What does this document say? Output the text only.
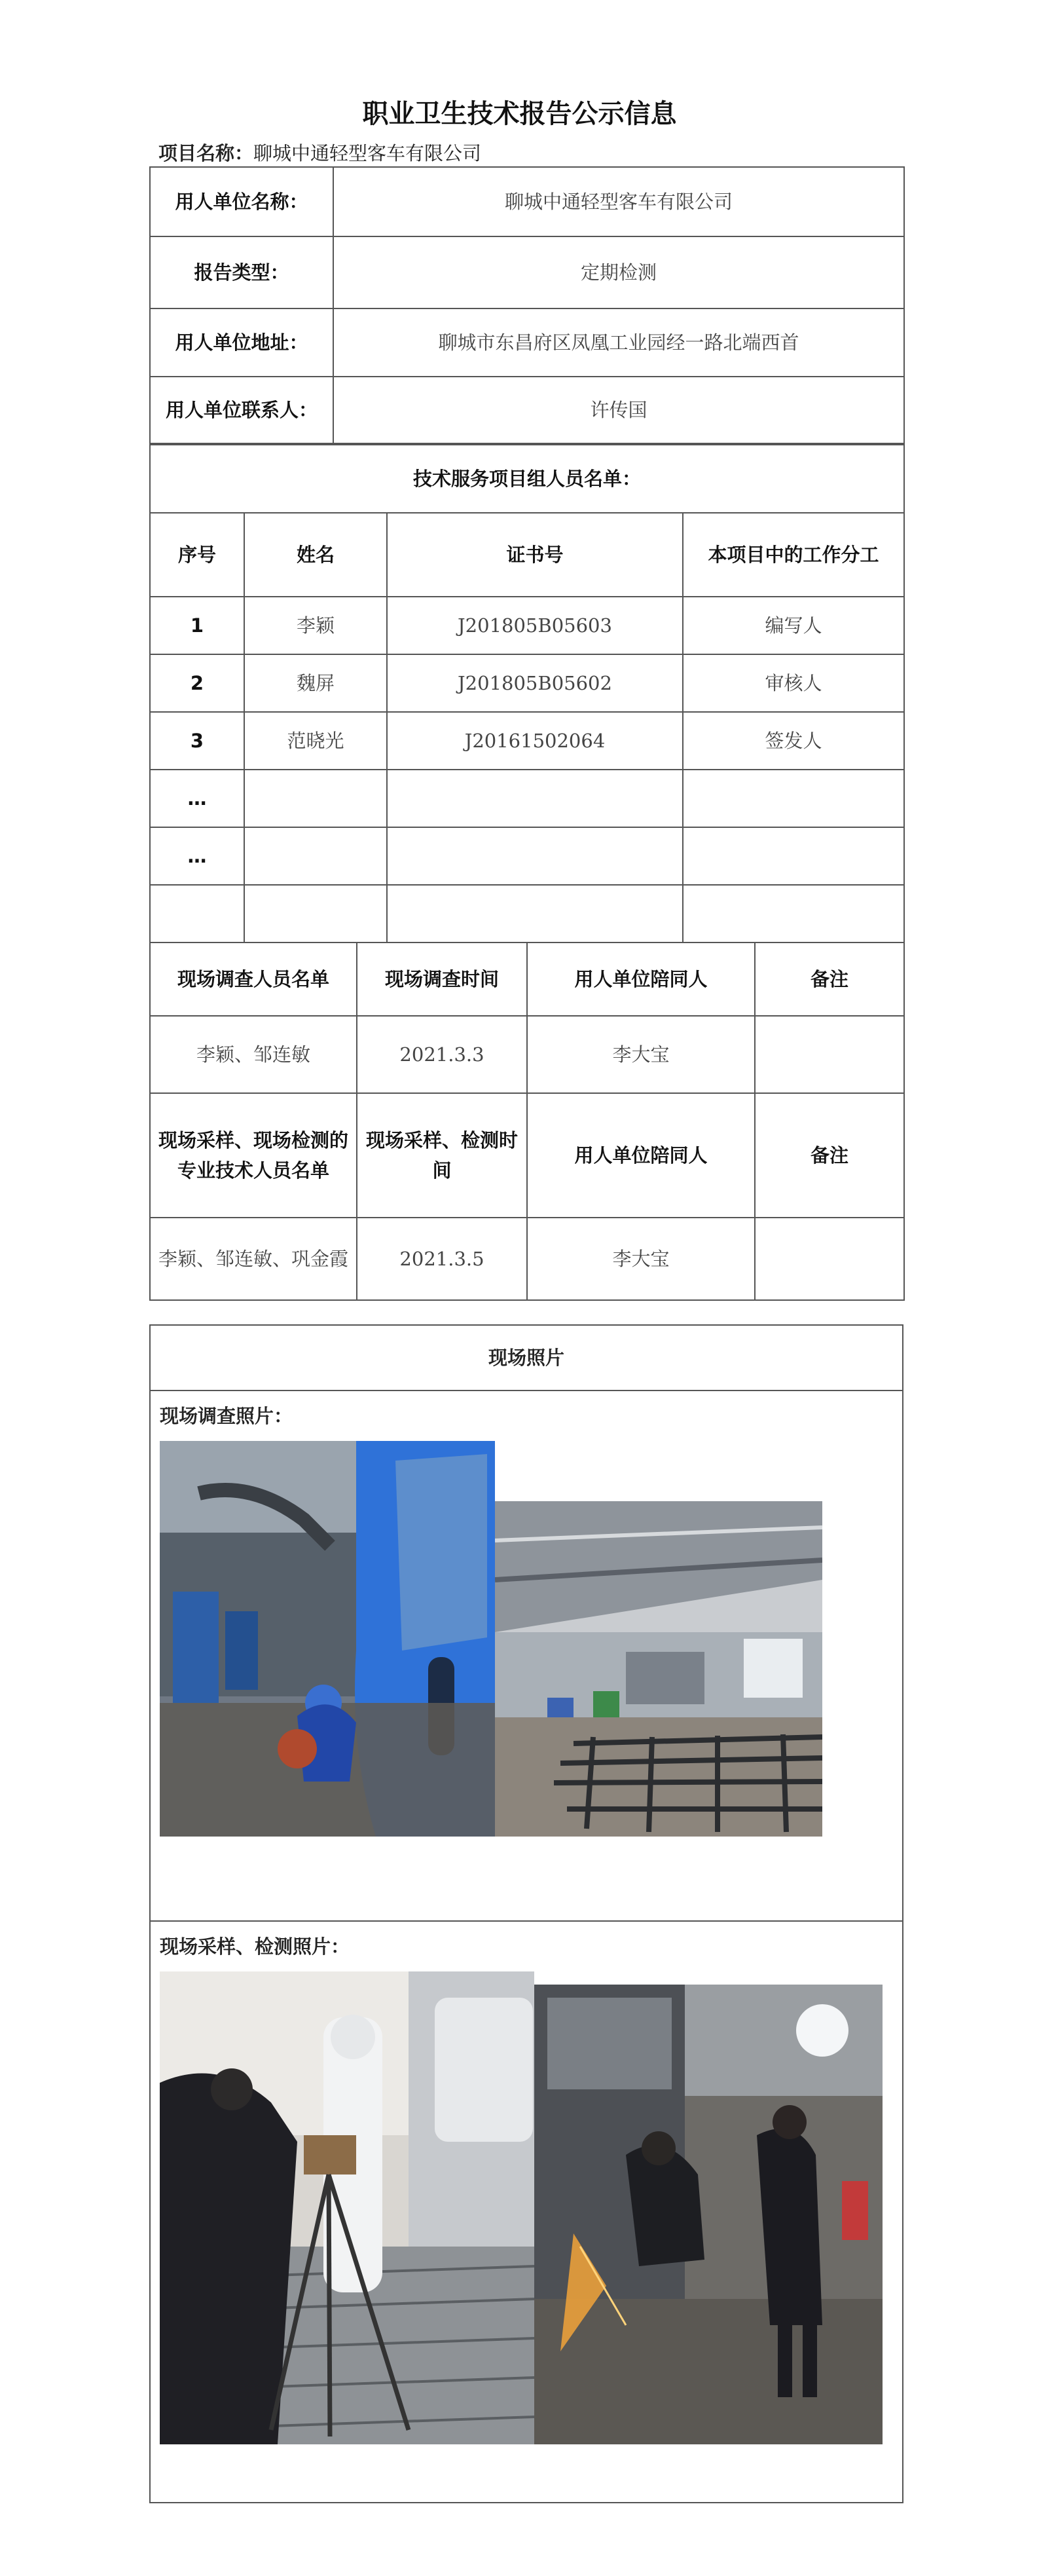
职业卫生技术报告公示信息
项目名称：聊城中通轻型客车有限公司
用人单位名称：	聊城中通轻型客车有限公司
报告类型：	定期检测
用人单位地址：	聊城市东昌府区凤凰工业园经一路北端西首
用人单位联系人：	许传国
技术服务项目组人员名单：			
序号	姓名	证书号	本项目中的工作分工
1	李颖	J201805B05603	编写人
2	魏屏	J201805B05602	审核人
3	范晓光	J20161502064	签发人
…			
…			

现场调查人员名单	现场调查时间	用人单位陪同人	备注
李颖、邹连敏	2021.3.3	李大宝	
现场采样、现场检测的专业技术人员名单	现场采样、检测时间	用人单位陪同人	备注
李颖、邹连敏、巩金霞	2021.3.5	李大宝	
现场照片
现场调查照片：
现场采样、检测照片：
